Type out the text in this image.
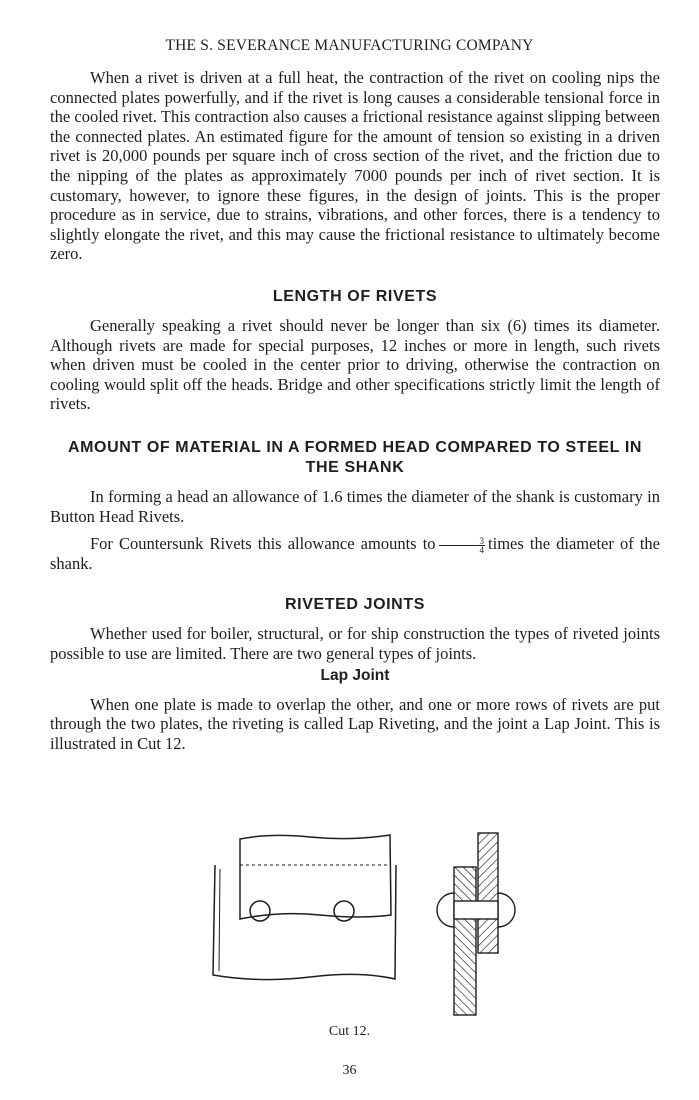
THE S. SEVERANCE MANUFACTURING COMPANY

When a rivet is driven at a full heat, the contraction of the rivet on cooling nips the connected plates powerfully, and if the rivet is long causes a considerable tensional force in the cooled rivet. This contraction also causes a frictional resistance against slipping between the connected plates. An estimated figure for the amount of tension so existing in a driven rivet is 20,000 pounds per square inch of cross section of the rivet, and the friction due to the nipping of the plates as approximately 7000 pounds per inch of rivet section. It is customary, however, to ignore these figures, in the design of joints. This is the proper procedure as in service, due to strains, vibrations, and other forces, there is a tendency to slightly elongate the rivet, and this may cause the frictional resistance to ultimately become zero.

LENGTH OF RIVETS

Generally speaking a rivet should never be longer than six (6) times its diameter. Although rivets are made for special purposes, 12 inches or more in length, such rivets when driven must be cooled in the center prior to driving, otherwise the contraction on cooling would split off the heads. Bridge and other specifications strictly limit the length of rivets.

AMOUNT OF MATERIAL IN A FORMED HEAD COMPARED TO STEEL IN THE SHANK

In forming a head an allowance of 1.6 times the diameter of the shank is customary in Button Head Rivets.

For Countersunk Rivets this allowance amounts to $\frac{3}{4}$ times the diameter of the shank.

RIVETED JOINTS

Whether used for boiler, structural, or for ship construction the types of riveted joints possible to use are limited. There are two general types of joints.

Lap Joint

When one plate is made to overlap the other, and one or more rows of rivets are put through the two plates, the riveting is called Lap Riveting, and the joint a Lap Joint. This is illustrated in Cut 12.

Cut 12.
36
